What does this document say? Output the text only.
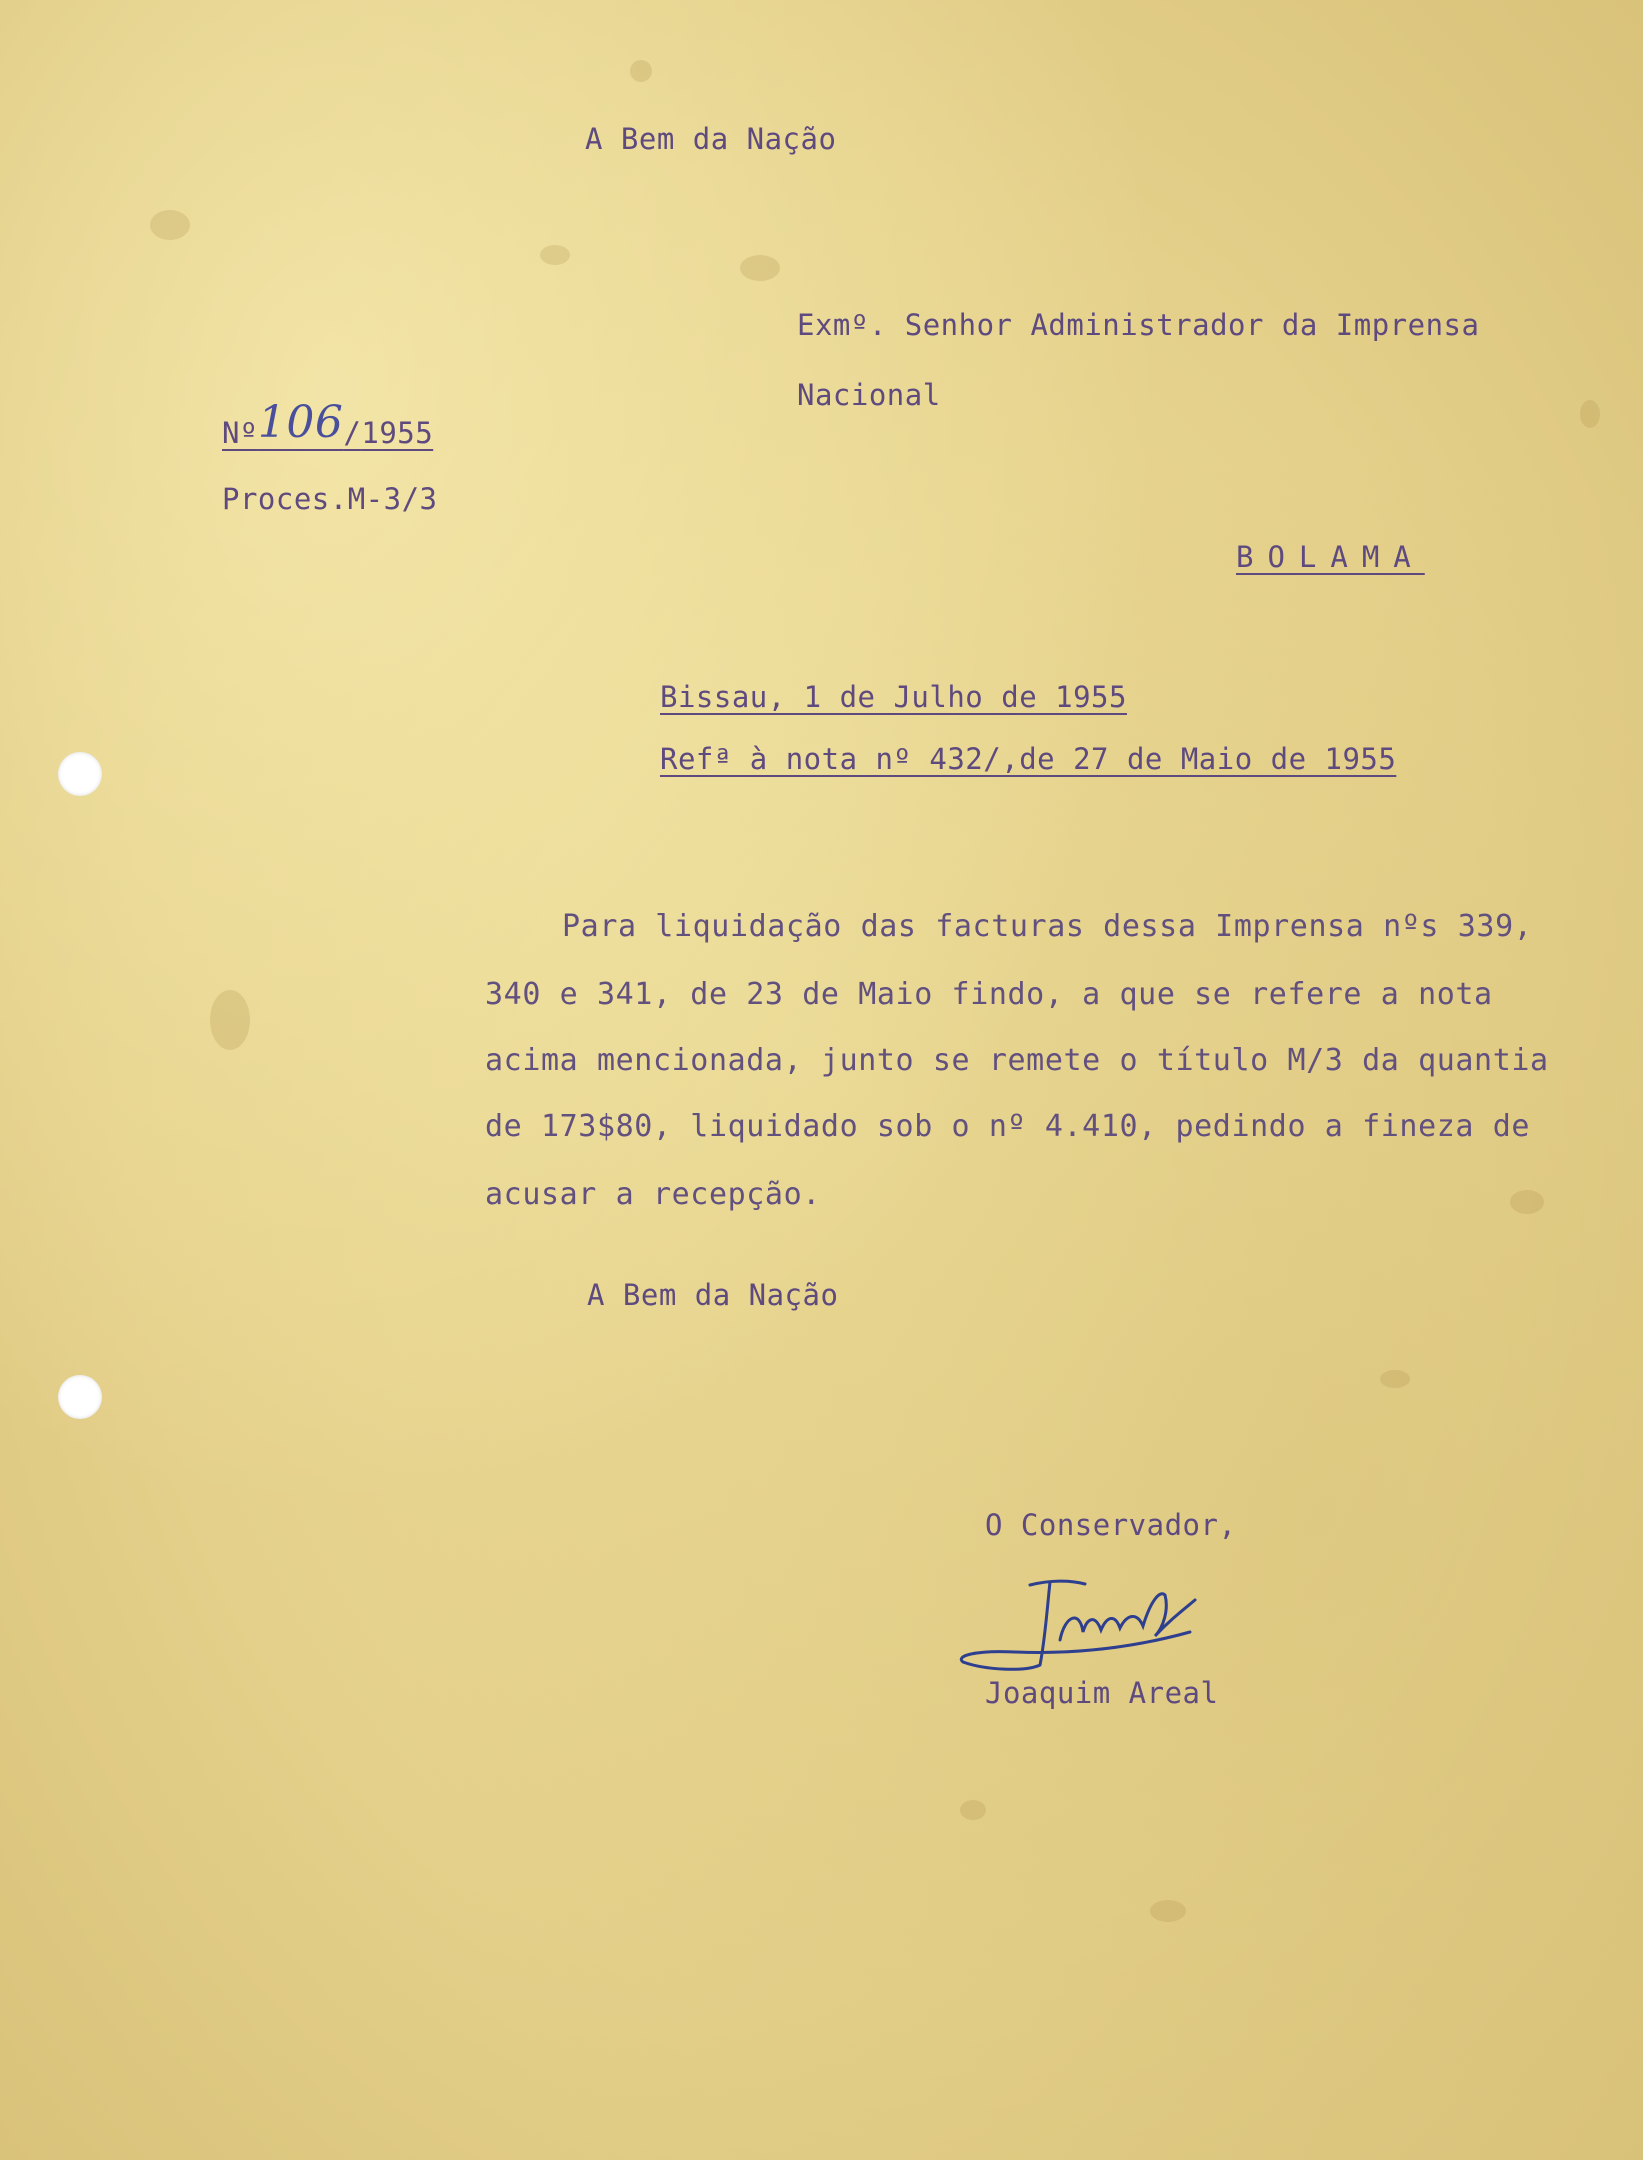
A Bem da Nação
Exmº. Senhor Administrador da Imprensa
Nacional
Nº106/1955
Proces.M-3/3
BOLAMA
Bissau, 1 de Julho de 1955
Refª à nota nº 432/,de 27 de Maio de 1955
Para liquidação das facturas dessa Imprensa nºs 339,
340 e 341, de 23 de Maio findo, a que se refere a nota
acima mencionada, junto se remete o título M/3 da quantia
de 173$80, liquidado sob o nº 4.410, pedindo a fineza de
acusar a recepção.
A Bem da Nação
O Conservador,
Joaquim Areal
